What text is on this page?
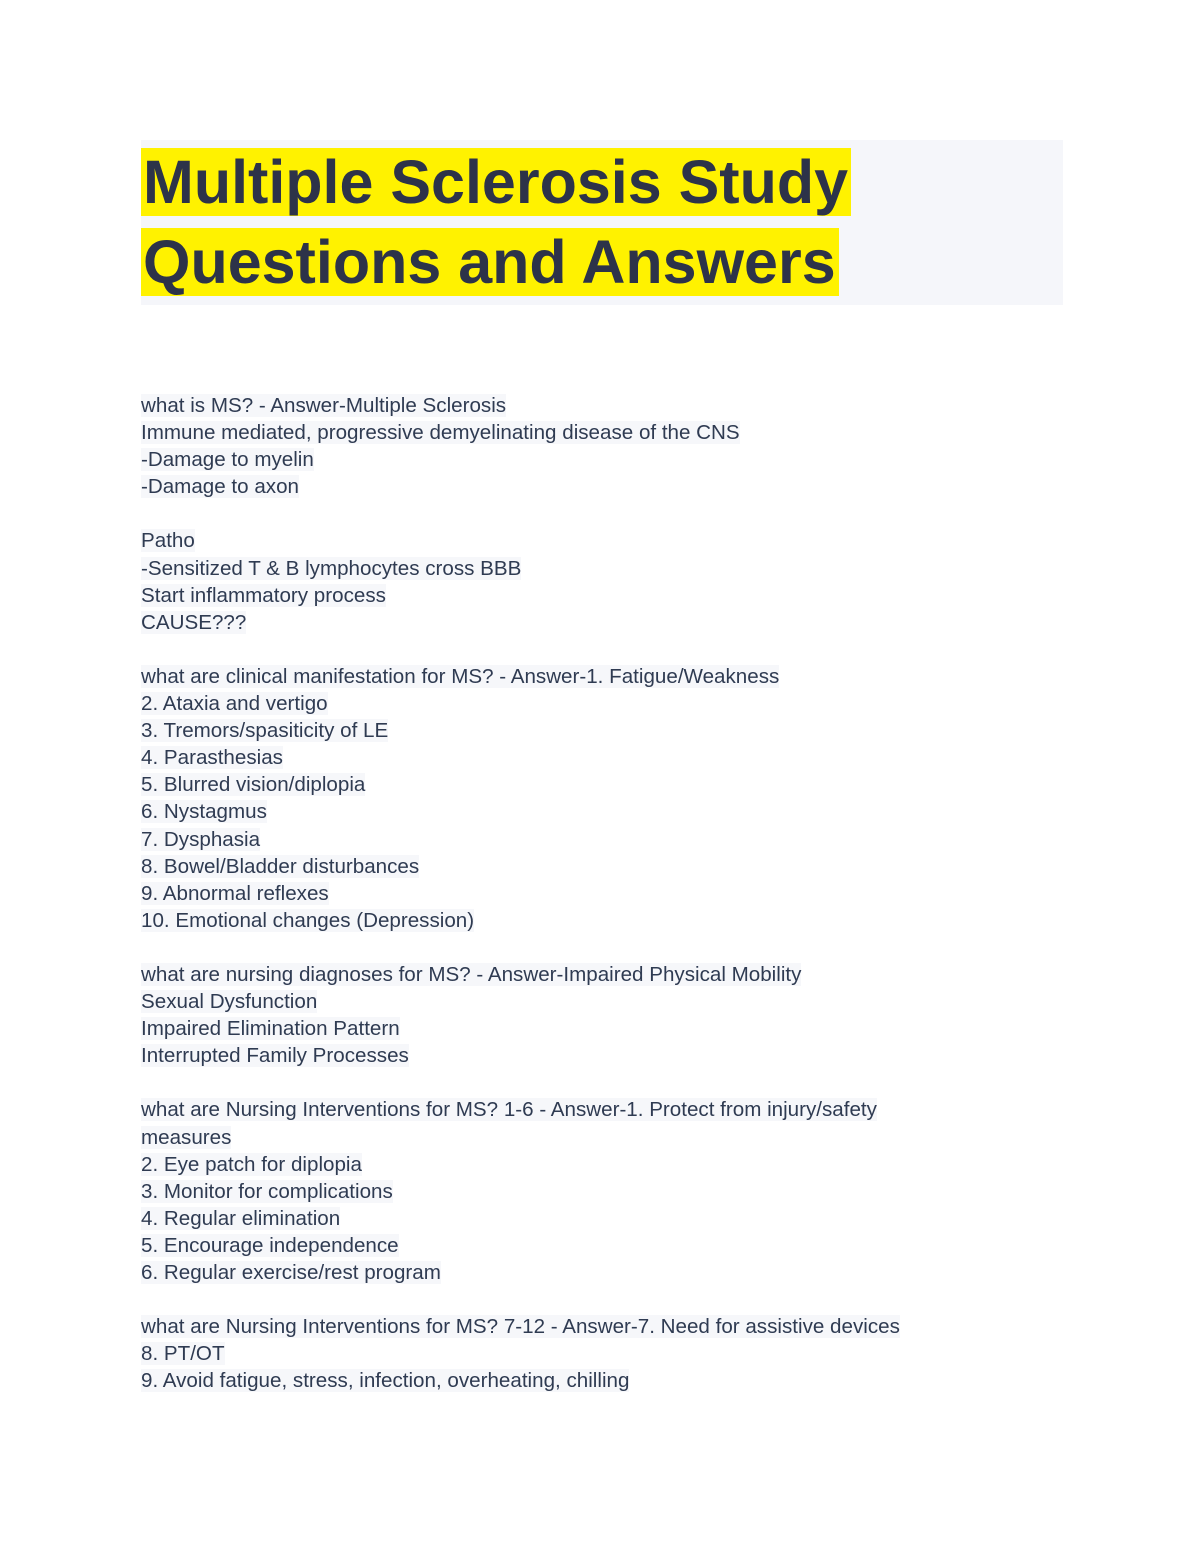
Multiple Sclerosis Study
Questions and Answers
what is MS? - Answer-Multiple Sclerosis
Immune mediated, progressive demyelinating disease of the CNS
-Damage to myelin
-Damage to axon
Patho
-Sensitized T & B lymphocytes cross BBB
Start inflammatory process
CAUSE???
what are clinical manifestation for MS? - Answer-1. Fatigue/Weakness
2. Ataxia and vertigo
3. Tremors/spasiticity of LE
4. Parasthesias
5. Blurred vision/diplopia
6. Nystagmus
7. Dysphasia
8. Bowel/Bladder disturbances
9. Abnormal reflexes
10. Emotional changes (Depression)
what are nursing diagnoses for MS? - Answer-Impaired Physical Mobility
Sexual Dysfunction
Impaired Elimination Pattern
Interrupted Family Processes
what are Nursing Interventions for MS? 1-6 - Answer-1. Protect from injury/safety
measures
2. Eye patch for diplopia
3. Monitor for complications
4. Regular elimination
5. Encourage independence
6. Regular exercise/rest program
what are Nursing Interventions for MS? 7-12 - Answer-7. Need for assistive devices
8. PT/OT
9. Avoid fatigue, stress, infection, overheating, chilling
